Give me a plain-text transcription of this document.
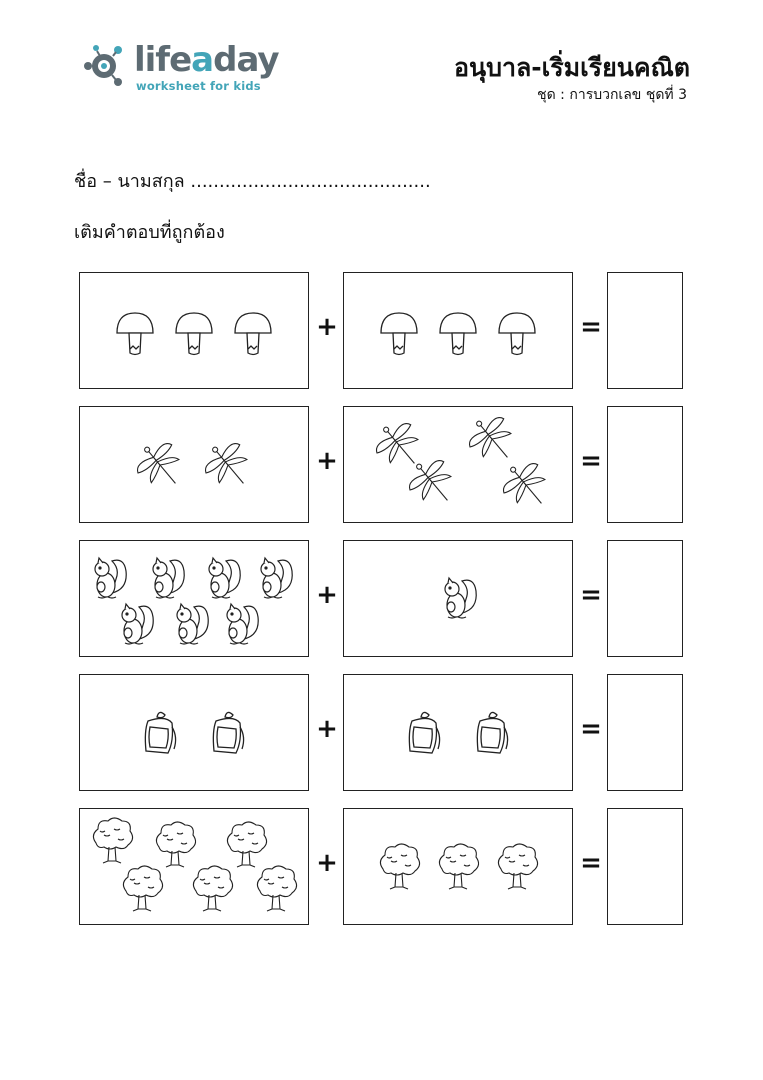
lifeaday
worksheet for kids
อนุบาล-เริ่มเรียนคณิต
ชุด : การบวกเลข ชุดที่ 3
ชื่อ – นามสกุล ..........................................
เติมคำตอบที่ถูกต้อง
+	=
+	=
+	=
+	=
+	=
